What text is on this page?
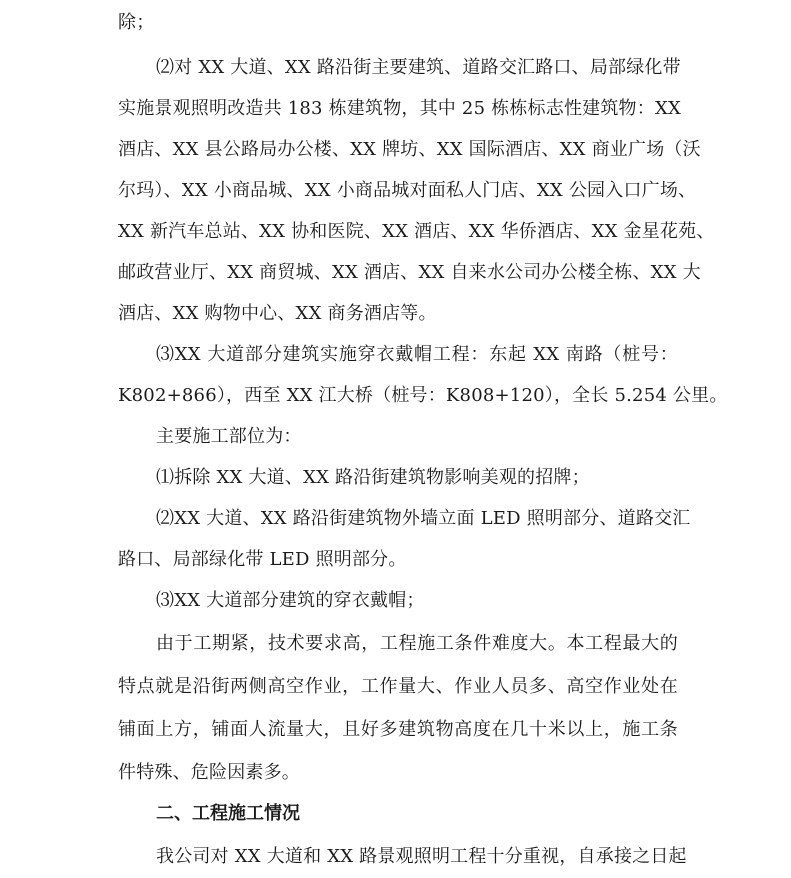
除；
⑵对 XX 大道、XX 路沿街主要建筑、道路交汇路口、局部绿化带
实施景观照明改造共 183 栋建筑物，其中 25 栋栋标志性建筑物：XX
酒店、XX 县公路局办公楼、XX 牌坊、XX 国际酒店、XX 商业广场（沃
尔玛）、XX 小商品城、XX 小商品城对面私人门店、XX 公园入口广场、
XX 新汽车总站、XX 协和医院、XX 酒店、XX 华侨酒店、XX 金星花苑、
邮政营业厅、XX 商贸城、XX 酒店、XX 自来水公司办公楼全栋、XX 大
酒店、XX 购物中心、XX 商务酒店等。
⑶XX 大道部分建筑实施穿衣戴帽工程：东起 XX 南路（桩号：
K802+866），西至 XX 江大桥（桩号：K808+120），全长 5.254 公里。
主要施工部位为：
⑴拆除 XX 大道、XX 路沿街建筑物影响美观的招牌；
⑵XX 大道、XX 路沿街建筑物外墙立面 LED 照明部分、道路交汇
路口、局部绿化带 LED 照明部分。
⑶XX 大道部分建筑的穿衣戴帽；
由于工期紧，技术要求高，工程施工条件难度大。本工程最大的
特点就是沿街两侧高空作业，工作量大、作业人员多、高空作业处在
铺面上方，铺面人流量大，且好多建筑物高度在几十米以上，施工条
件特殊、危险因素多。
二、工程施工情况
我公司对 XX 大道和 XX 路景观照明工程十分重视，自承接之日起
